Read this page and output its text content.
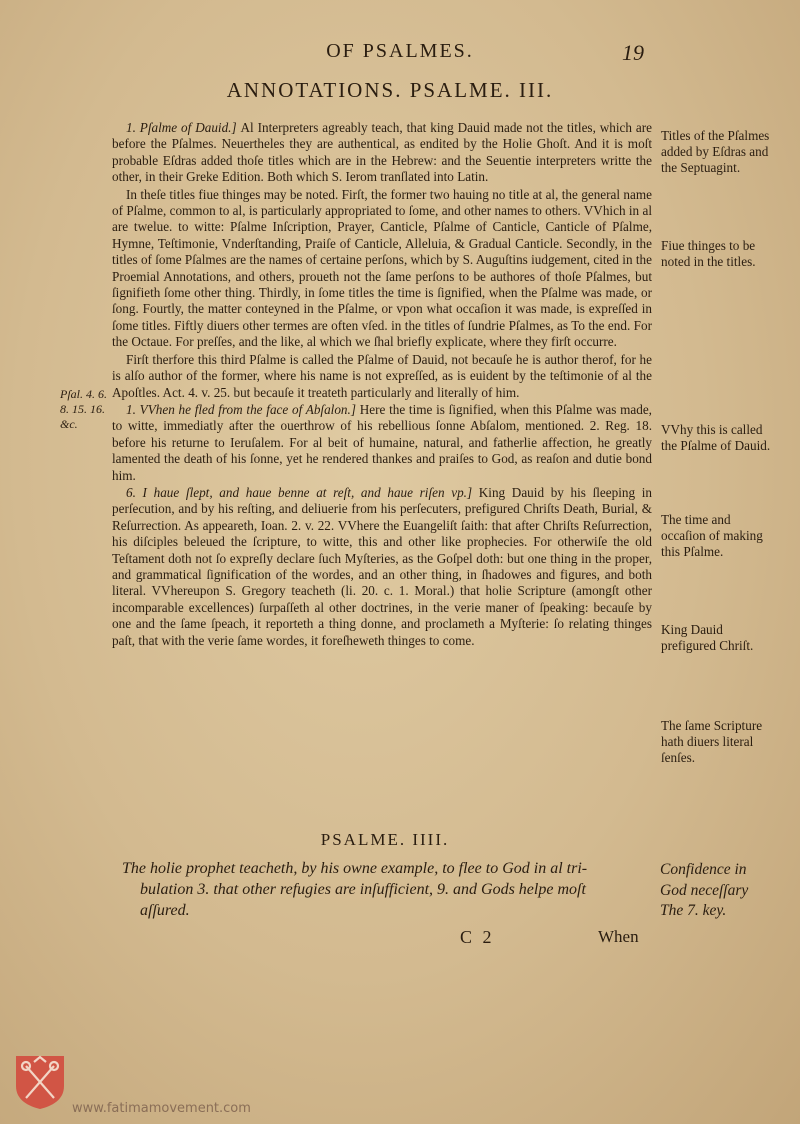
OF PSALMES.	19
ANNOTATIONS. PSALME. III.

1. Pſalme of Dauid.] Al Interpreters agreably teach, that king Dauid made not the titles, which are before the Pſalmes. Neuertheles they are authentical, as endited by the Holie Ghoſt. And it is moſt probable Eſdras added thoſe titles which are in the Hebrew: and the Seuentie interpreters writte the other, in their Greke Edition. Both which S. Ierom tranſlated into Latin.

In theſe titles fiue thinges may be noted. Firſt, the former two hauing no title at al, the general name of Pſalme, common to al, is particularly appropriated to ſome, and other names to others. VVhich in al are twelue. to witte: Pſalme Inſcription, Prayer, Canticle, Pſalme of Canticle, Canticle of Pſalme, Hymne, Teſtimonie, Vnderſtanding, Praiſe of Canticle, Alleluia, & Gradual Canticle. Secondly, in the titles of ſome Pſalmes are the names of certaine perſons, which by S. Auguſtins iudgement, cited in the Proemial Annotations, and others, proueth not the ſame perſons to be authores of thoſe Pſalmes, but ſignifieth ſome other thing. Thirdly, in ſome titles the time is ſignified, when the Pſalme was made, or ſong. Fourtly, the matter conteyned in the Pſalme, or vpon what occaſion it was made, is expreſſed in ſome titles. Fiftly diuers other termes are often vſed. in the titles of ſundrie Pſalmes, as To the end. For the Octaue. For preſſes, and the like, al which we ſhal briefly explicate, where they firſt occurre.

Firſt therfore this third Pſalme is called the Pſalme of Dauid, not becauſe he is author therof, for he is alſo author of the former, where his name is not expreſſed, as is euident by the teſtimonie of al the Apoſtles. Act. 4. v. 25. but becauſe it treateth particularly and literally of him.

1. VVhen he fled from the face of Abſalon.] Here the time is ſignified, when this Pſalme was made, to witte, immediatly after the ouerthrow of his rebellious ſonne Abſalom, mentioned. 2. Reg. 18. before his returne to Ieruſalem. For al beit of humaine, natural, and fatherlie affection, he greatly lamented the death of his ſonne, yet he rendered thankes and praiſes to God, as reaſon and dutie bond him.

6. I haue ſlept, and haue benne at reſt, and haue riſen vp.] King Dauid by his ſleeping in perſecution, and by his reſting, and deliuerie from his perſecuters, prefigured Chriſts Death, Burial, & Reſurrection. As appeareth, Ioan. 2. v. 22. VVhere the Euangeliſt ſaith: that after Chriſts Reſurrection, his diſciples beleued the ſcripture, to witte, this and other like prophecies. For otherwiſe the old Teſtament doth not ſo expreſly declare ſuch Myſteries, as the Goſpel doth: but one thing in the proper, and grammatical ſignification of the wordes, and an other thing, in ſhadowes and figures, and both literal. VVhereupon S. Gregory teacheth (li. 20. c. 1. Moral.) that holie Scripture (amongſt other incomparable excellences) ſurpaſſeth al other doctrines, in the verie maner of ſpeaking: becauſe by one and the ſame ſpeach, it reporteth a thing donne, and proclameth a Myſterie: ſo relating thinges paſt, that with the verie ſame wordes, it foreſheweth thinges to come.

Pſal. 4. 6. 8. 15. 16. &c.
Titles of the Pſalmes added by Eſdras and the Septuagint.
Fiue thinges to be noted in the titles.
VVhy this is called the Pſalme of Dauid.
The time and occaſion of making this Pſalme.
King Dauid prefigured Chriſt.
The ſame Scripture hath diuers literal ſenſes.
PSALME. IIII.
The holie prophet teacheth, by his owne example, to flee to God in al tri-
bulation 3. that other refugies are inſufficient, 9. and Gods helpe moſt
aſſured.
Confidence in
God neceſſary
The 7. key.
C 2	When
www.fatimamovement.com
